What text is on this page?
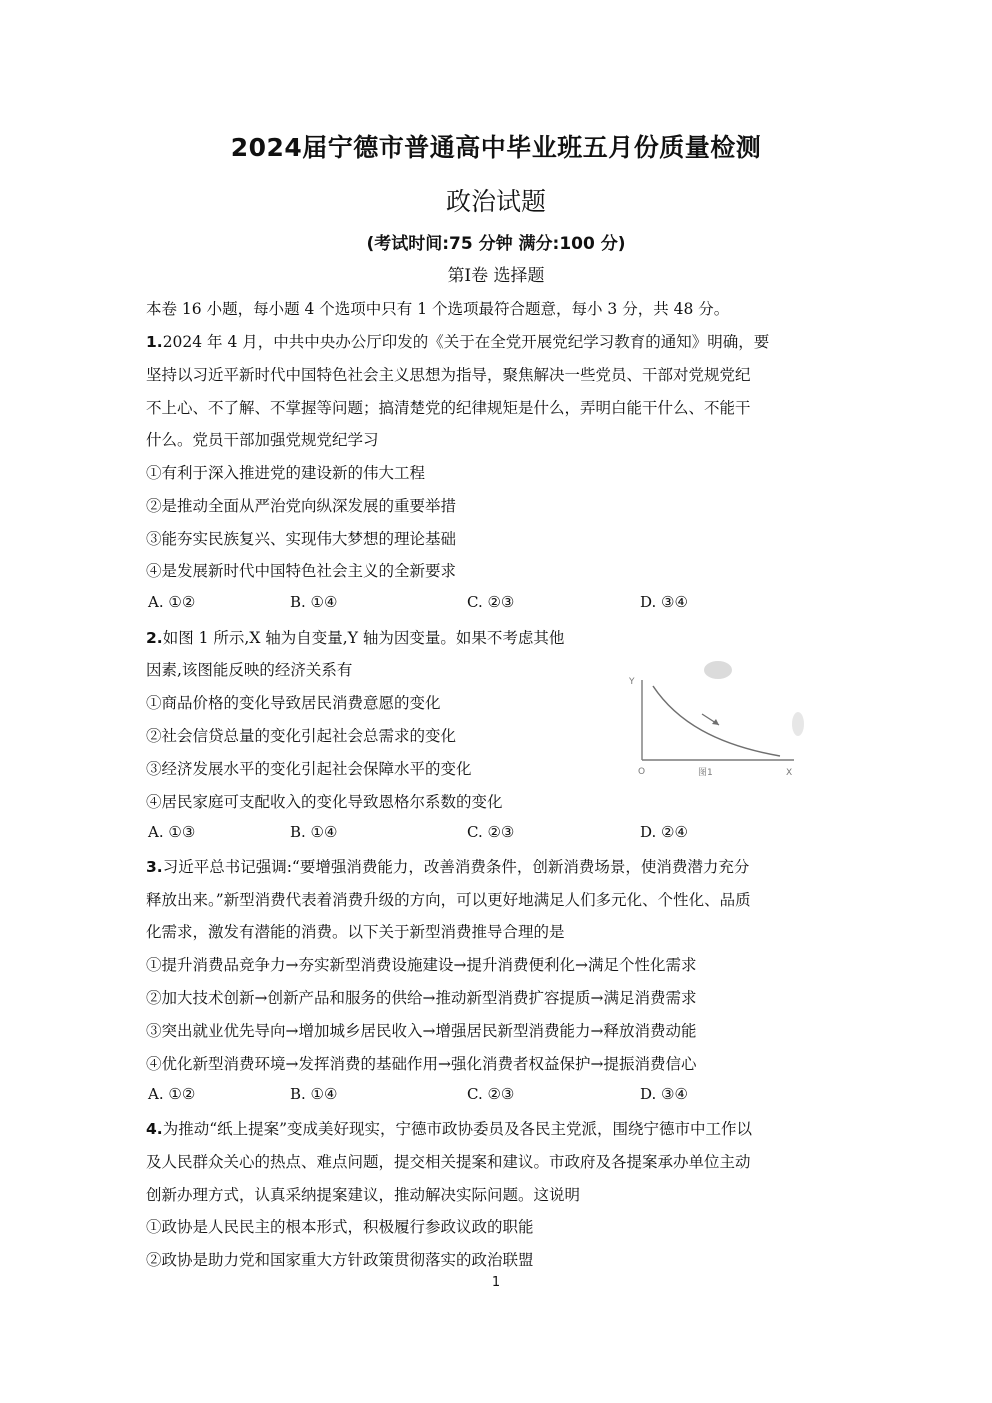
2024届宁德市普通高中毕业班五月份质量检测
政治试题
(考试时间:75 分钟 满分:100 分)
第Ⅰ卷 选择题
本卷 16 小题，每小题 4 个选项中只有 1 个选项最符合题意，每小 3 分，共 48 分。
1.2024 年 4 月，中共中央办公厅印发的《关于在全党开展党纪学习教育的通知》明确，要
坚持以习近平新时代中国特色社会主义思想为指导，聚焦解决一些党员、干部对党规党纪
不上心、不了解、不掌握等问题；搞清楚党的纪律规矩是什么，弄明白能干什么、不能干
什么。党员干部加强党规党纪学习
①有利于深入推进党的建设新的伟大工程
②是推动全面从严治党向纵深发展的重要举措
③能夯实民族复兴、实现伟大梦想的理论基础
④是发展新时代中国特色社会主义的全新要求
A. ①②	B. ①④	C. ②③	D. ③④
2.如图 1 所示,X 轴为自变量,Y 轴为因变量。如果不考虑其他
因素,该图能反映的经济关系有
①商品价格的变化导致居民消费意愿的变化
②社会信贷总量的变化引起社会总需求的变化
③经济发展水平的变化引起社会保障水平的变化
④居民家庭可支配收入的变化导致恩格尔系数的变化
A. ①③	B. ①④	C. ②③	D. ②④
Y
O	图1	X
3.习近平总书记强调:“要增强消费能力，改善消费条件，创新消费场景，使消费潜力充分
释放出来。”新型消费代表着消费升级的方向，可以更好地满足人们多元化、个性化、品质
化需求，激发有潜能的消费。以下关于新型消费推导合理的是
①提升消费品竞争力→夯实新型消费设施建设→提升消费便利化→满足个性化需求
②加大技术创新→创新产品和服务的供给→推动新型消费扩容提质→满足消费需求
③突出就业优先导向→增加城乡居民收入→增强居民新型消费能力→释放消费动能
④优化新型消费环境→发挥消费的基础作用→强化消费者权益保护→提振消费信心
A. ①②	B. ①④	C. ②③	D. ③④
4.为推动“纸上提案”变成美好现实，宁德市政协委员及各民主党派，围绕宁德市中工作以
及人民群众关心的热点、难点问题，提交相关提案和建议。市政府及各提案承办单位主动
创新办理方式，认真采纳提案建议，推动解决实际问题。这说明
①政协是人民民主的根本形式，积极履行参政议政的职能
②政协是助力党和国家重大方针政策贯彻落实的政治联盟
1
